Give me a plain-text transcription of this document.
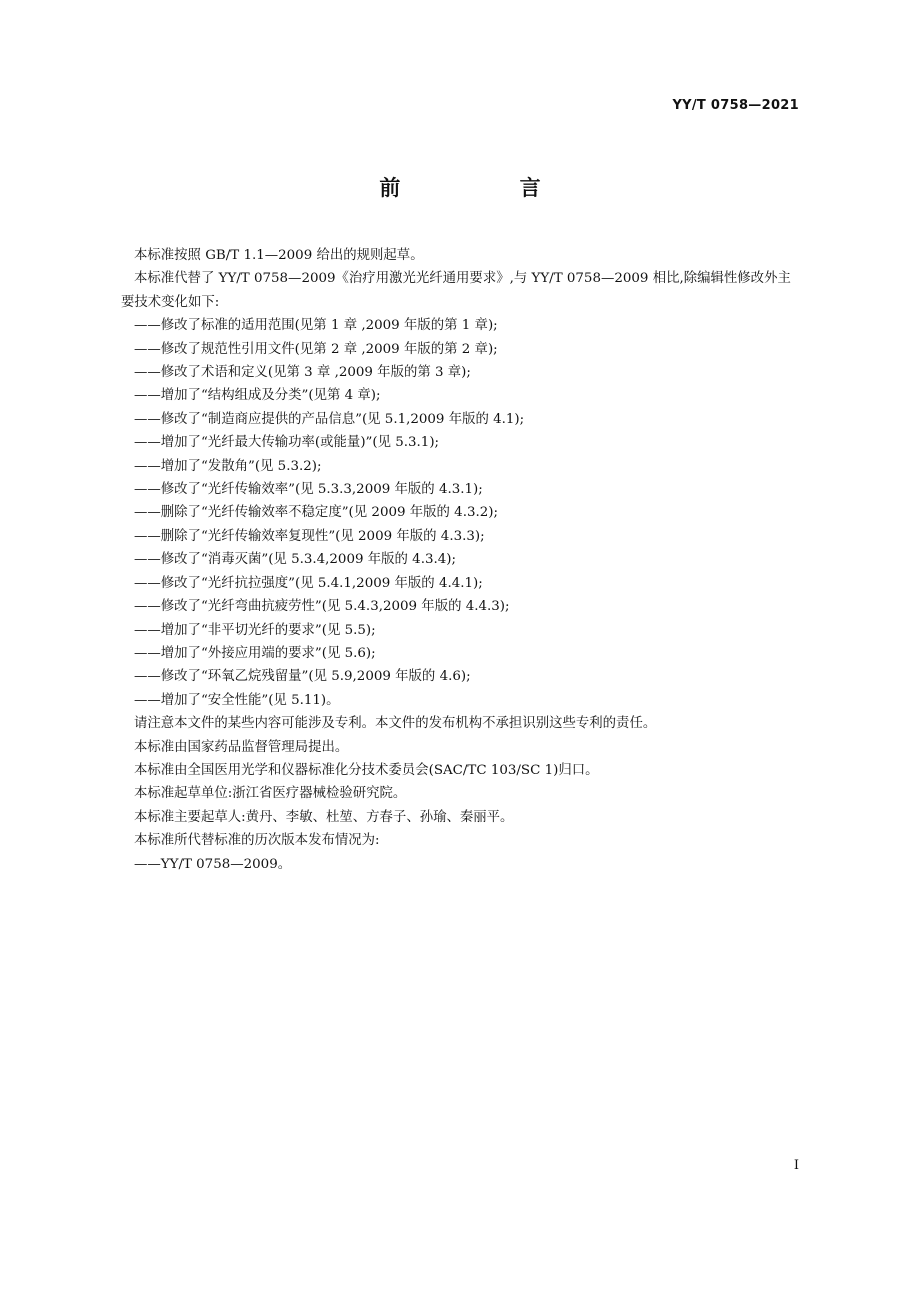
YY/T 0758—2021
前 言

本标准按照 GB/T 1.1—2009 给出的规则起草。

本标准代替了 YY/T 0758—2009《治疗用激光光纤通用要求》,与 YY/T 0758—2009 相比,除编辑性修改外主要技术变化如下:

——修改了标准的适用范围(见第 1 章 ,2009 年版的第 1 章);

——修改了规范性引用文件(见第 2 章 ,2009 年版的第 2 章);

——修改了术语和定义(见第 3 章 ,2009 年版的第 3 章);

——增加了“结构组成及分类”(见第 4 章);

——修改了“制造商应提供的产品信息”(见 5.1,2009 年版的 4.1);

——增加了“光纤最大传输功率(或能量)”(见 5.3.1);

——增加了“发散角”(见 5.3.2);

——修改了“光纤传输效率”(见 5.3.3,2009 年版的 4.3.1);

——删除了“光纤传输效率不稳定度”(见 2009 年版的 4.3.2);

——删除了“光纤传输效率复现性”(见 2009 年版的 4.3.3);

——修改了“消毒灭菌”(见 5.3.4,2009 年版的 4.3.4);

——修改了“光纤抗拉强度”(见 5.4.1,2009 年版的 4.4.1);

——修改了“光纤弯曲抗疲劳性”(见 5.4.3,2009 年版的 4.4.3);

——增加了“非平切光纤的要求”(见 5.5);

——增加了“外接应用端的要求”(见 5.6);

——修改了“环氧乙烷残留量”(见 5.9,2009 年版的 4.6);

——增加了“安全性能”(见 5.11)。

请注意本文件的某些内容可能涉及专利。本文件的发布机构不承担识别这些专利的责任。

本标准由国家药品监督管理局提出。

本标准由全国医用光学和仪器标准化分技术委员会(SAC/TC 103/SC 1)归口。

本标准起草单位:浙江省医疗器械检验研究院。

本标准主要起草人:黄丹、李敏、杜堃、方春子、孙瑜、秦丽平。

本标准所代替标准的历次版本发布情况为:

——YY/T 0758—2009。

I
